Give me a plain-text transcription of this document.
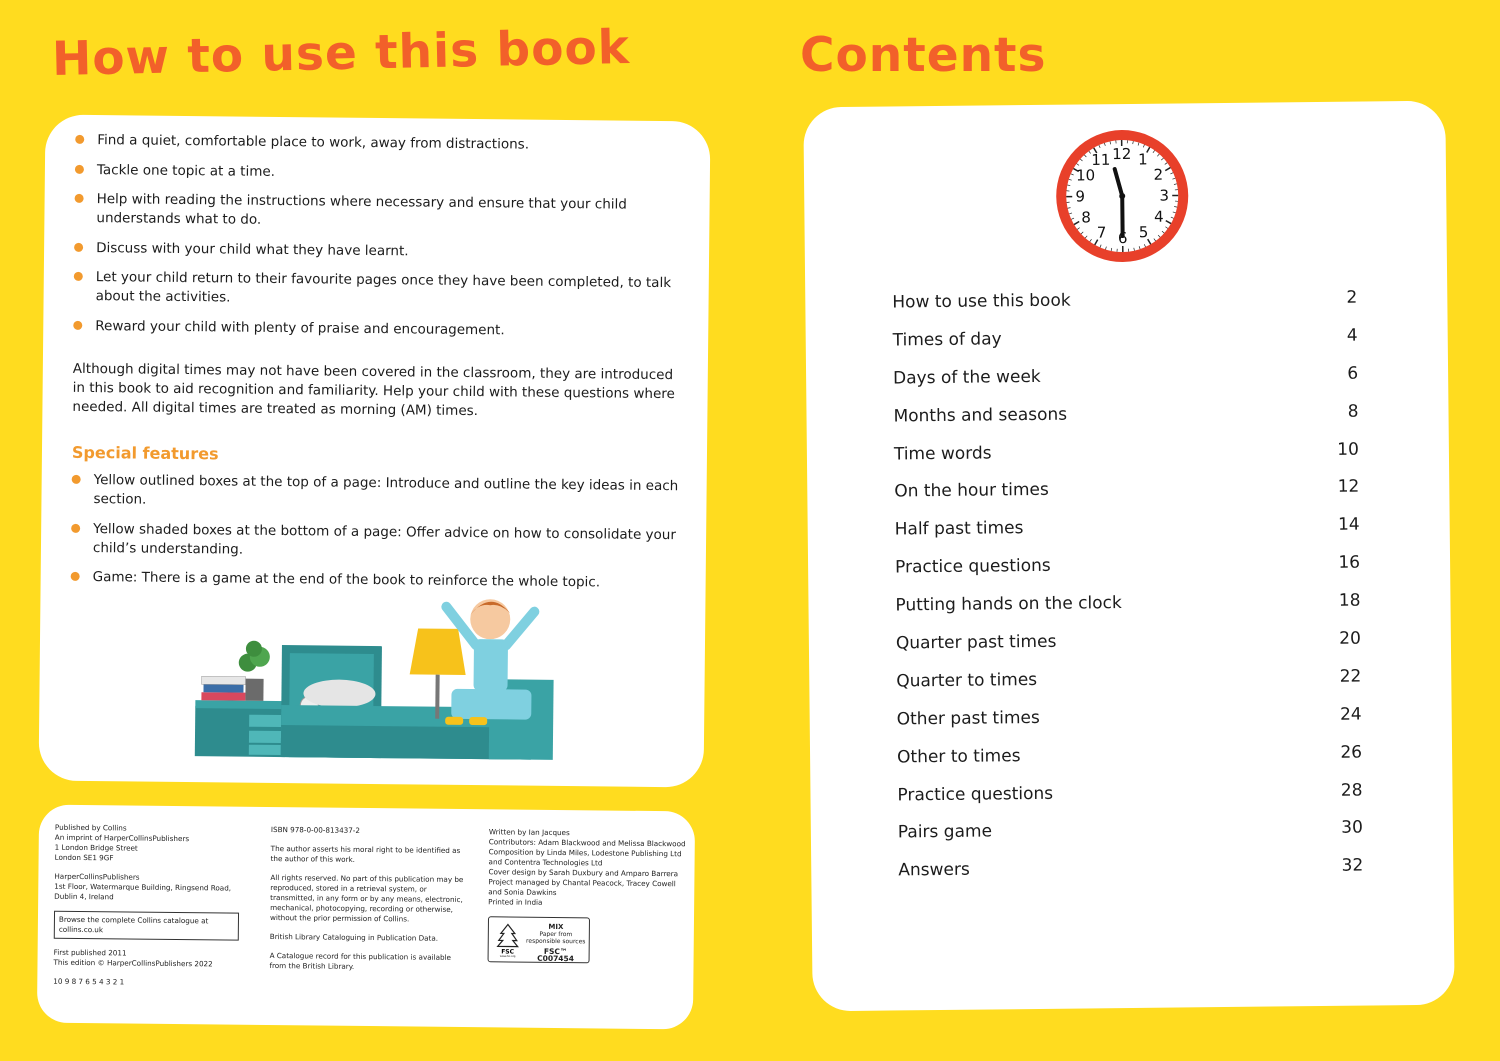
How to use this book	Contents
Find a quiet, comfortable place to work, away from distractions.
Tackle one topic at a time.
Help with reading the instructions where necessary and ensure that your child understands what to do.
Discuss with your child what they have learnt.
Let your child return to their favourite pages once they have been completed, to talk about the activities.
Reward your child with plenty of praise and encouragement.

Although digital times may not have been covered in the classroom, they are introduced in this book to aid recognition and familiarity. Help your child with these questions where needed. All digital times are treated as morning (AM) times.

Special features
Yellow outlined boxes at the top of a page: Introduce and outline the key ideas in each section.
Yellow shaded boxes at the bottom of a page: Offer advice on how to consolidate your child’s understanding.
Game: There is a game at the end of the book to reinforce the whole topic.

Published by Collins
An imprint of HarperCollinsPublishers
1 London Bridge Street
London SE1 9GF

HarperCollinsPublishers
1st Floor, Watermarque Building, Ringsend Road,
Dublin 4, Ireland

Browse the complete Collins catalogue at collins.co.uk

First published 2011
This edition © HarperCollinsPublishers 2022

10 9 8 7 6 5 4 3 2 1

ISBN 978-0-00-813437-2

The author asserts his moral right to be identified as the author of this work.

All rights reserved. No part of this publication may be reproduced, stored in a retrieval system, or transmitted, in any form or by any means, electronic, mechanical, photocopying, recording or otherwise, without the prior permission of Collins.

British Library Cataloguing in Publication Data.

A Catalogue record for this publication is available from the British Library.

Written by Ian Jacques
Contributors: Adam Blackwood and Melissa Blackwood
Composition by Linda Miles, Lodestone Publishing Ltd and Contentra Technologies Ltd
Cover design by Sarah Duxbury and Amparo Barrera
Project managed by Chantal Peacock, Tracey Cowell and Sonia Dawkins
Printed in India

FSC
www.fsc.org
MIX
Paper from responsible sources
FSC™ C007454
12 1
2
3
4
5
6
7
8
9
10
11
How to use this book	2
Times of day	4
Days of the week	6
Months and seasons	8
Time words	10
On the hour times	12
Half past times	14
Practice questions	16
Putting hands on the clock	18
Quarter past times	20
Quarter to times	22
Other past times	24
Other to times	26
Practice questions	28
Pairs game	30
Answers	32
